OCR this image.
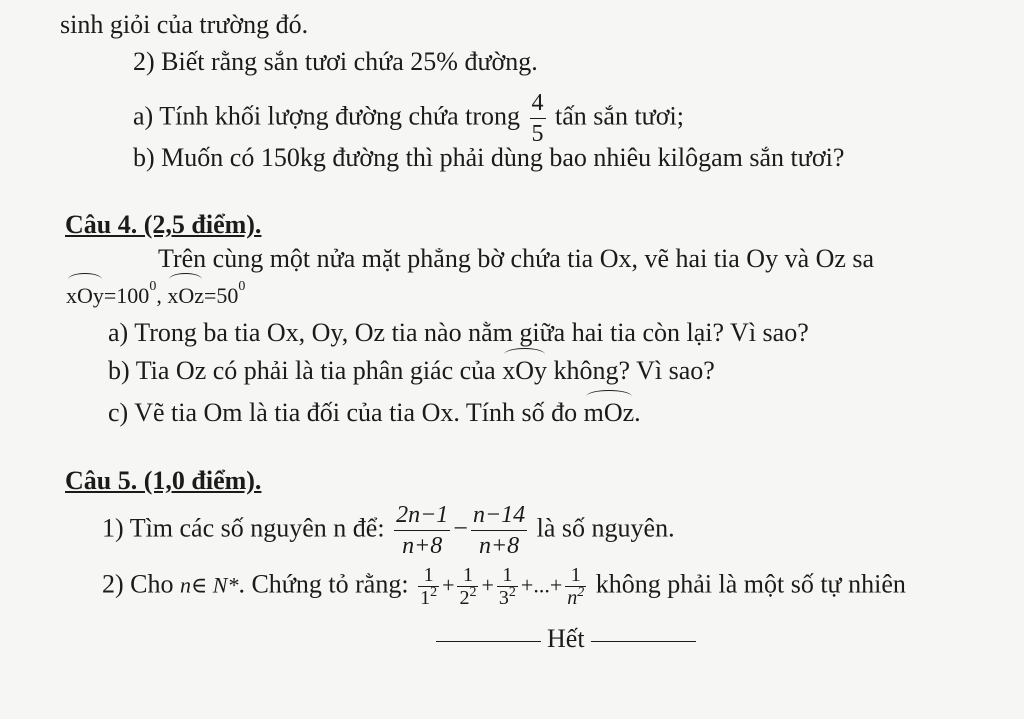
sinh giỏi của trường đó.
2) Biết rằng sắn tươi chứa 25% đường.
a) Tính khối lượng đường chứa trong $\frac{4}{5}$ tấn sắn tươi;
b) Muốn có 150kg đường thì phải dùng bao nhiêu kilôgam sắn tươi?
Câu 4. (2,5 điểm).
Trên cùng một nửa mặt phẳng bờ chứa tia Ox, vẽ hai tia Oy và Oz sa
$xOy=100^0$, $xOz=50^0$
a) Trong ba tia Ox, Oy, Oz tia nào nằm giữa hai tia còn lại? Vì sao?
b) Tia Oz có phải là tia phân giác của xOy không? Vì sao?
c) Vẽ tia Om là tia đối của tia Ox. Tính số đo mOz.
Câu 5. (1,0 điểm).
1) Tìm các số nguyên n để: $\frac{2n-1}{n+8} - \frac{n-14}{n+8}$ là số nguyên.
2) Cho n∈ N*. Chứng tỏ rằng: $\frac{1}{1^2} + \frac{1}{2^2} + \frac{1}{3^2}$ +...+ $\frac{1}{n^2}$ không phải là một số tự nhiên
Hết
